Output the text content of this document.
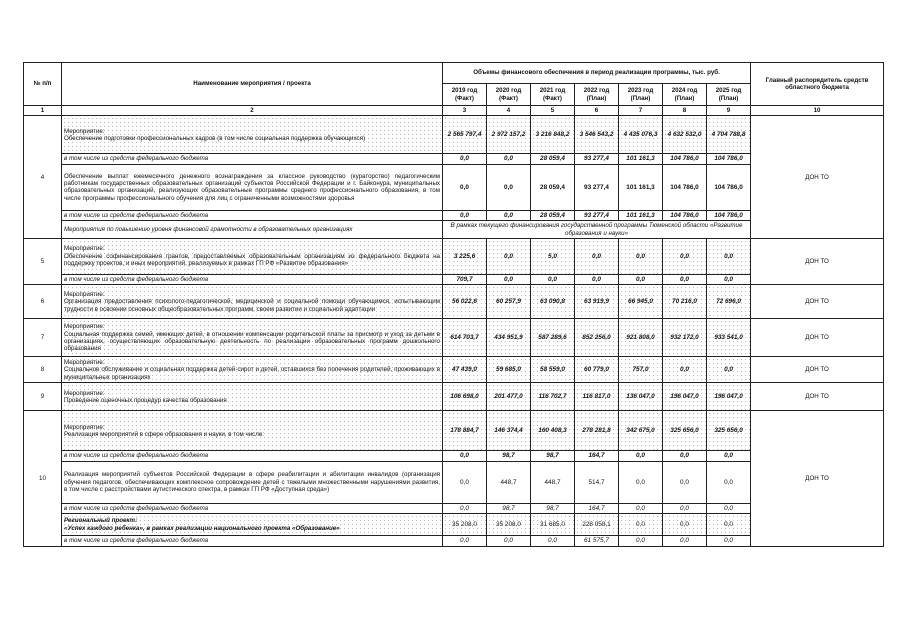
№ п/п	Наименование мероприятия / проекта	Объемы финансового обеспечения в период реализации программы, тыс. руб.							Главный распорядитель средств областного бюджета
		2019 год (Факт)	2020 год (Факт)	2021 год (Факт)	2022 год (План)	2023 год (План)	2024 год (План)	2025 год (План)	
1	2	3	4	5	6	7	8	9	10
4	Мероприятие:
Обеспечение подготовки профессиональных кадров (в том числе социальная поддержка обучающихся)	2 565 797,4	2 972 157,2	3 216 848,2	3 546 543,2	4 435 076,3	4 632 532,0	4 704 788,8	ДОН ТО
	в том числе из средств федерального бюджета	0,0	0,0	28 059,4	93 277,4	101 161,3	104 786,0	104 786,0	
	Обеспечение выплат ежемесячного денежного вознаграждения за классное руководство (кураторство) педагогическим работникам государственных образовательных организаций субъектов Российской Федерации и г. Байконура, муниципальных образовательных организаций, реализующих образовательные программы среднего профессионального образования, в том числе программы профессионального обучения для лиц с ограниченными возможностями здоровья	0,0	0,0	28 059,4	93 277,4	101 161,3	104 786,0	104 786,0	
	в том числе из средств федерального бюджета	0,0	0,0	28 059,4	93 277,4	101 161,3	104 786,0	104 786,0	
	Мероприятия по повышению уровня финансовой грамотности в образовательных организациях	В рамках текущего финансирования государственной программы Тюменской области «Развитие образования и науки»							
5	Мероприятие:
Обеспечение софинансирования грантов, предоставляемых образовательным организациям из федерального бюджета на поддержку проектов, и иных мероприятий, реализуемых в рамках ГП РФ «Развитие образования»	3 225,6	0,0	5,0	0,0	0,0	0,0	0,0	ДОН ТО
	в том числе из средств федерального бюджета	709,7	0,0	0,0	0,0	0,0	0,0	0,0	
6	Мероприятие:
Организация предоставления психолого-педагогической, медицинской и социальной помощи обучающимся, испытывающим трудности в освоении основных общеобразовательных программ, своем развитии и социальной адаптации	56 022,6	60 257,9	63 090,8	63 919,9	66 945,0	70 216,0	72 696,0	ДОН ТО
7	Мероприятие:
Социальная поддержка семей, имеющих детей, в отношении компенсации родительской платы за присмотр и уход за детьми в организациях, осуществляющих образовательную деятельность по реализации образовательных программ дошкольного образования	614 703,7	434 951,9	587 289,6	852 256,0	921 808,0	932 172,0	933 541,0	ДОН ТО
8	Мероприятие:
Социальное обслуживание и социальная поддержка детей-сирот и детей, оставшихся без попечения родителей, проживающих в муниципальных организациях	47 439,0	59 685,0	58 559,0	60 779,0	757,0	0,0	0,0	ДОН ТО
9	Мероприятие:
Проведение оценочных процедур качества образования	106 698,0	201 477,0	116 702,7	116 817,0	136 047,0	196 047,0	196 047,0	ДОН ТО
10	Мероприятие:
Реализация мероприятий в сфере образования и науки, в том числе:	178 884,7	146 374,4	160 408,3	278 281,8	342 675,0	325 656,0	325 656,0	ДОН ТО
	в том числе из средств федерального бюджета	0,0	98,7	98,7	164,7	0,0	0,0	0,0	
	Реализация мероприятий субъектов Российской Федерации в сфере реабилитации и абилитации инвалидов (организация обучения педагогов, обеспечивающих комплексное сопровождение детей с тяжелыми множественными нарушениями развития, в том числе с расстройствами аутистического спектра, в рамках ГП РФ «Доступная среда»)	0,0	448,7	448,7	514,7	0,0	0,0	0,0	
	в том числе из средств федерального бюджета	0,0	98,7	98,7	164,7	0,0	0,0	0,0	
	Региональный проект:
«Успех каждого ребенка», в рамках реализации национального проекта «Образование»	35 208,0	35 208,0	31 685,0	228 058,1	0,0	0,0	0,0	
	в том числе из средств федерального бюджета	0,0	0,0	0,0	61 575,7	0,0	0,0	0,0	
